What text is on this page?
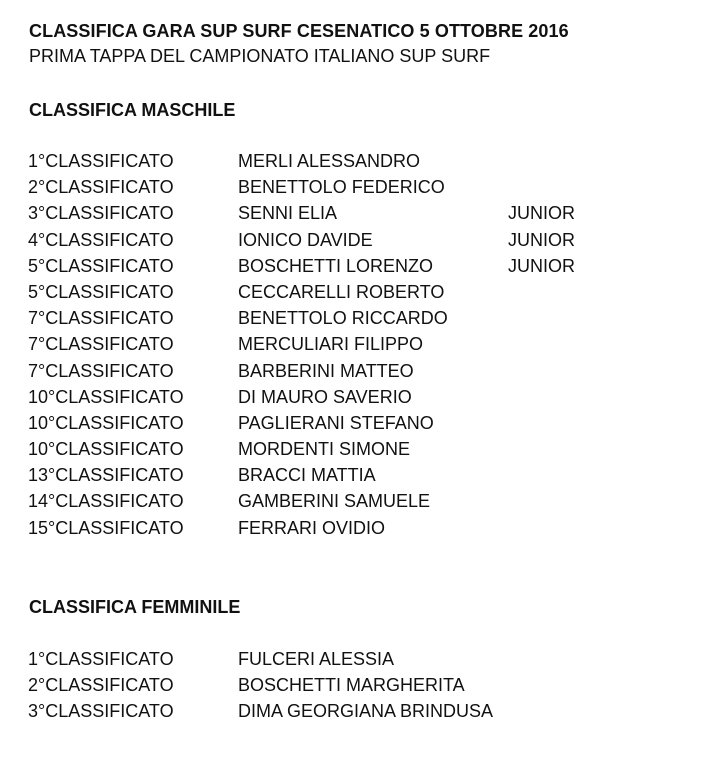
CLASSIFICA GARA SUP SURF CESENATICO 5 OTTOBRE 2016
PRIMA TAPPA DEL CAMPIONATO ITALIANO SUP SURF
CLASSIFICA MASCHILE
1°CLASSIFICATO	MERLI ALESSANDRO
2°CLASSIFICATO	BENETTOLO FEDERICO
3°CLASSIFICATO	SENNI ELIA	JUNIOR
4°CLASSIFICATO	IONICO DAVIDE	JUNIOR
5°CLASSIFICATO	BOSCHETTI LORENZO	JUNIOR
5°CLASSIFICATO	CECCARELLI ROBERTO
7°CLASSIFICATO	BENETTOLO RICCARDO
7°CLASSIFICATO	MERCULIARI FILIPPO
7°CLASSIFICATO	BARBERINI MATTEO
10°CLASSIFICATO	DI MAURO SAVERIO
10°CLASSIFICATO	PAGLIERANI STEFANO
10°CLASSIFICATO	MORDENTI SIMONE
13°CLASSIFICATO	BRACCI MATTIA
14°CLASSIFICATO	GAMBERINI SAMUELE
15°CLASSIFICATO	FERRARI OVIDIO
CLASSIFICA FEMMINILE
1°CLASSIFICATO	FULCERI ALESSIA
2°CLASSIFICATO	BOSCHETTI MARGHERITA
3°CLASSIFICATO	DIMA GEORGIANA BRINDUSA
